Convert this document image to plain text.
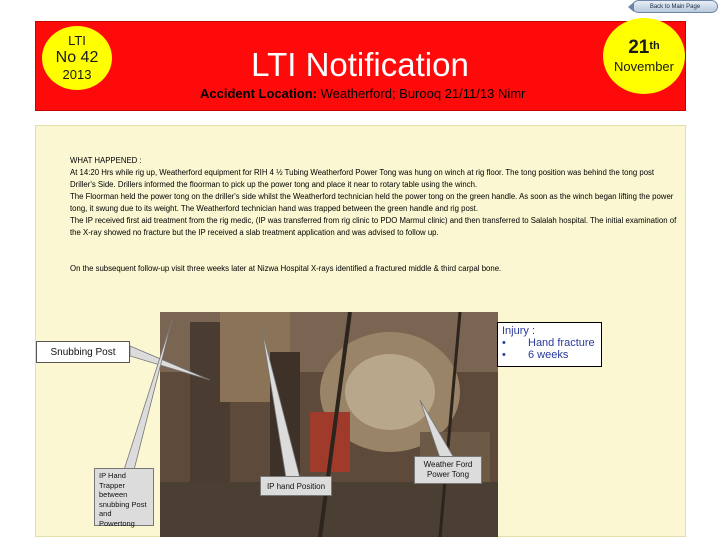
Back to Main Page
LTI
No 42
2013	LTI Notification	21th
November
Accident Location: Weatherford; Burooq 21/11/13 Nimr

WHAT HAPPENED :

At 14:20 Hrs while rig up, Weatherford equipment for RIH 4 ½ Tubing Weatherford Power Tong was hung on winch at rig floor. The tong position was behind the tong post Driller's Side. Drillers informed the floorman to pick up the power tong and place it near to rotary table using the winch.

The Floorman held the power tong on the driller's side whilst the Weatherford technician held the power tong on the green handle. As soon as the winch began lifting the power tong, it swung due to its weight. The Weatherford technician hand was trapped between the green handle and rig post.

The IP received first aid treatment from the rig medic, (IP was transferred from rig clinic to PDO Marmul clinic) and then transferred to Salalah hospital. The initial examination of the X-ray showed no fracture but the IP received a slab treatment application and was advised to follow up.

On the subsequent follow-up visit three weeks later at Nizwa Hospital X-rays identified a fractured middle & third carpal bone.
Snubbing Post
IP Hand Trapper between snubbing Post and Powertong
IP hand Position
Weather Ford Power Tong
Injury :
•	Hand fracture
•	6 weeks
